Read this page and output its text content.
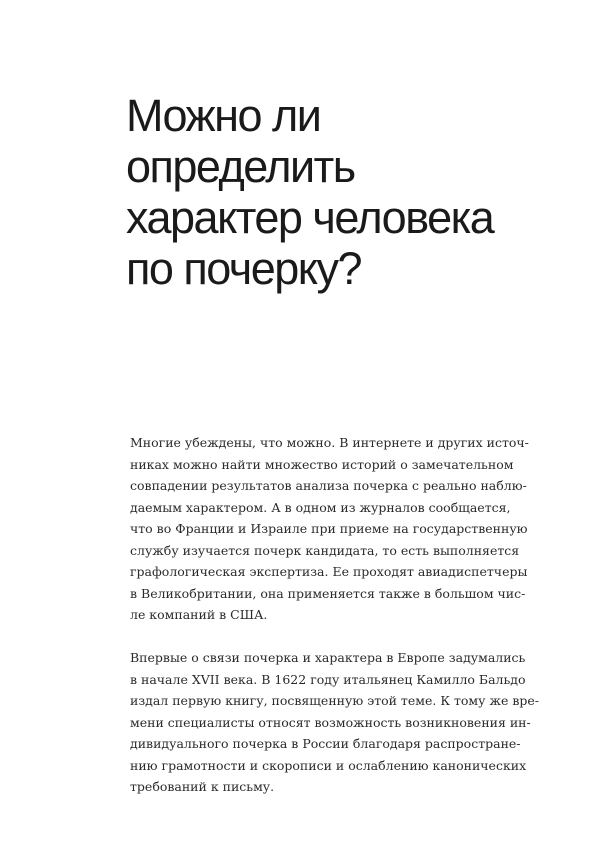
Можно ли
определить
характер человека
по почерку?

Многие убеждены, что можно. В интернете и других источ-
никах можно найти множество историй о замечательном
совпадении результатов анализа почерка с реально наблю-
даемым характером. А в одном из журналов сообщается,
что во Франции и Израиле при приеме на государственную
службу изучается почерк кандидата, то есть выполняется
графологическая экспертиза. Ее проходят авиадиспетчеры
в Великобритании, она применяется также в большом чис-
ле компаний в США.

Впервые о связи почерка и характера в Европе задумались
в начале XVII века. В 1622 году итальянец Камилло Бальдо
издал первую книгу, посвященную этой теме. К тому же вре-
мени специалисты относят возможность возникновения ин-
дивидуального почерка в России благодаря распростране-
нию грамотности и скорописи и ослаблению канонических
требований к письму.
